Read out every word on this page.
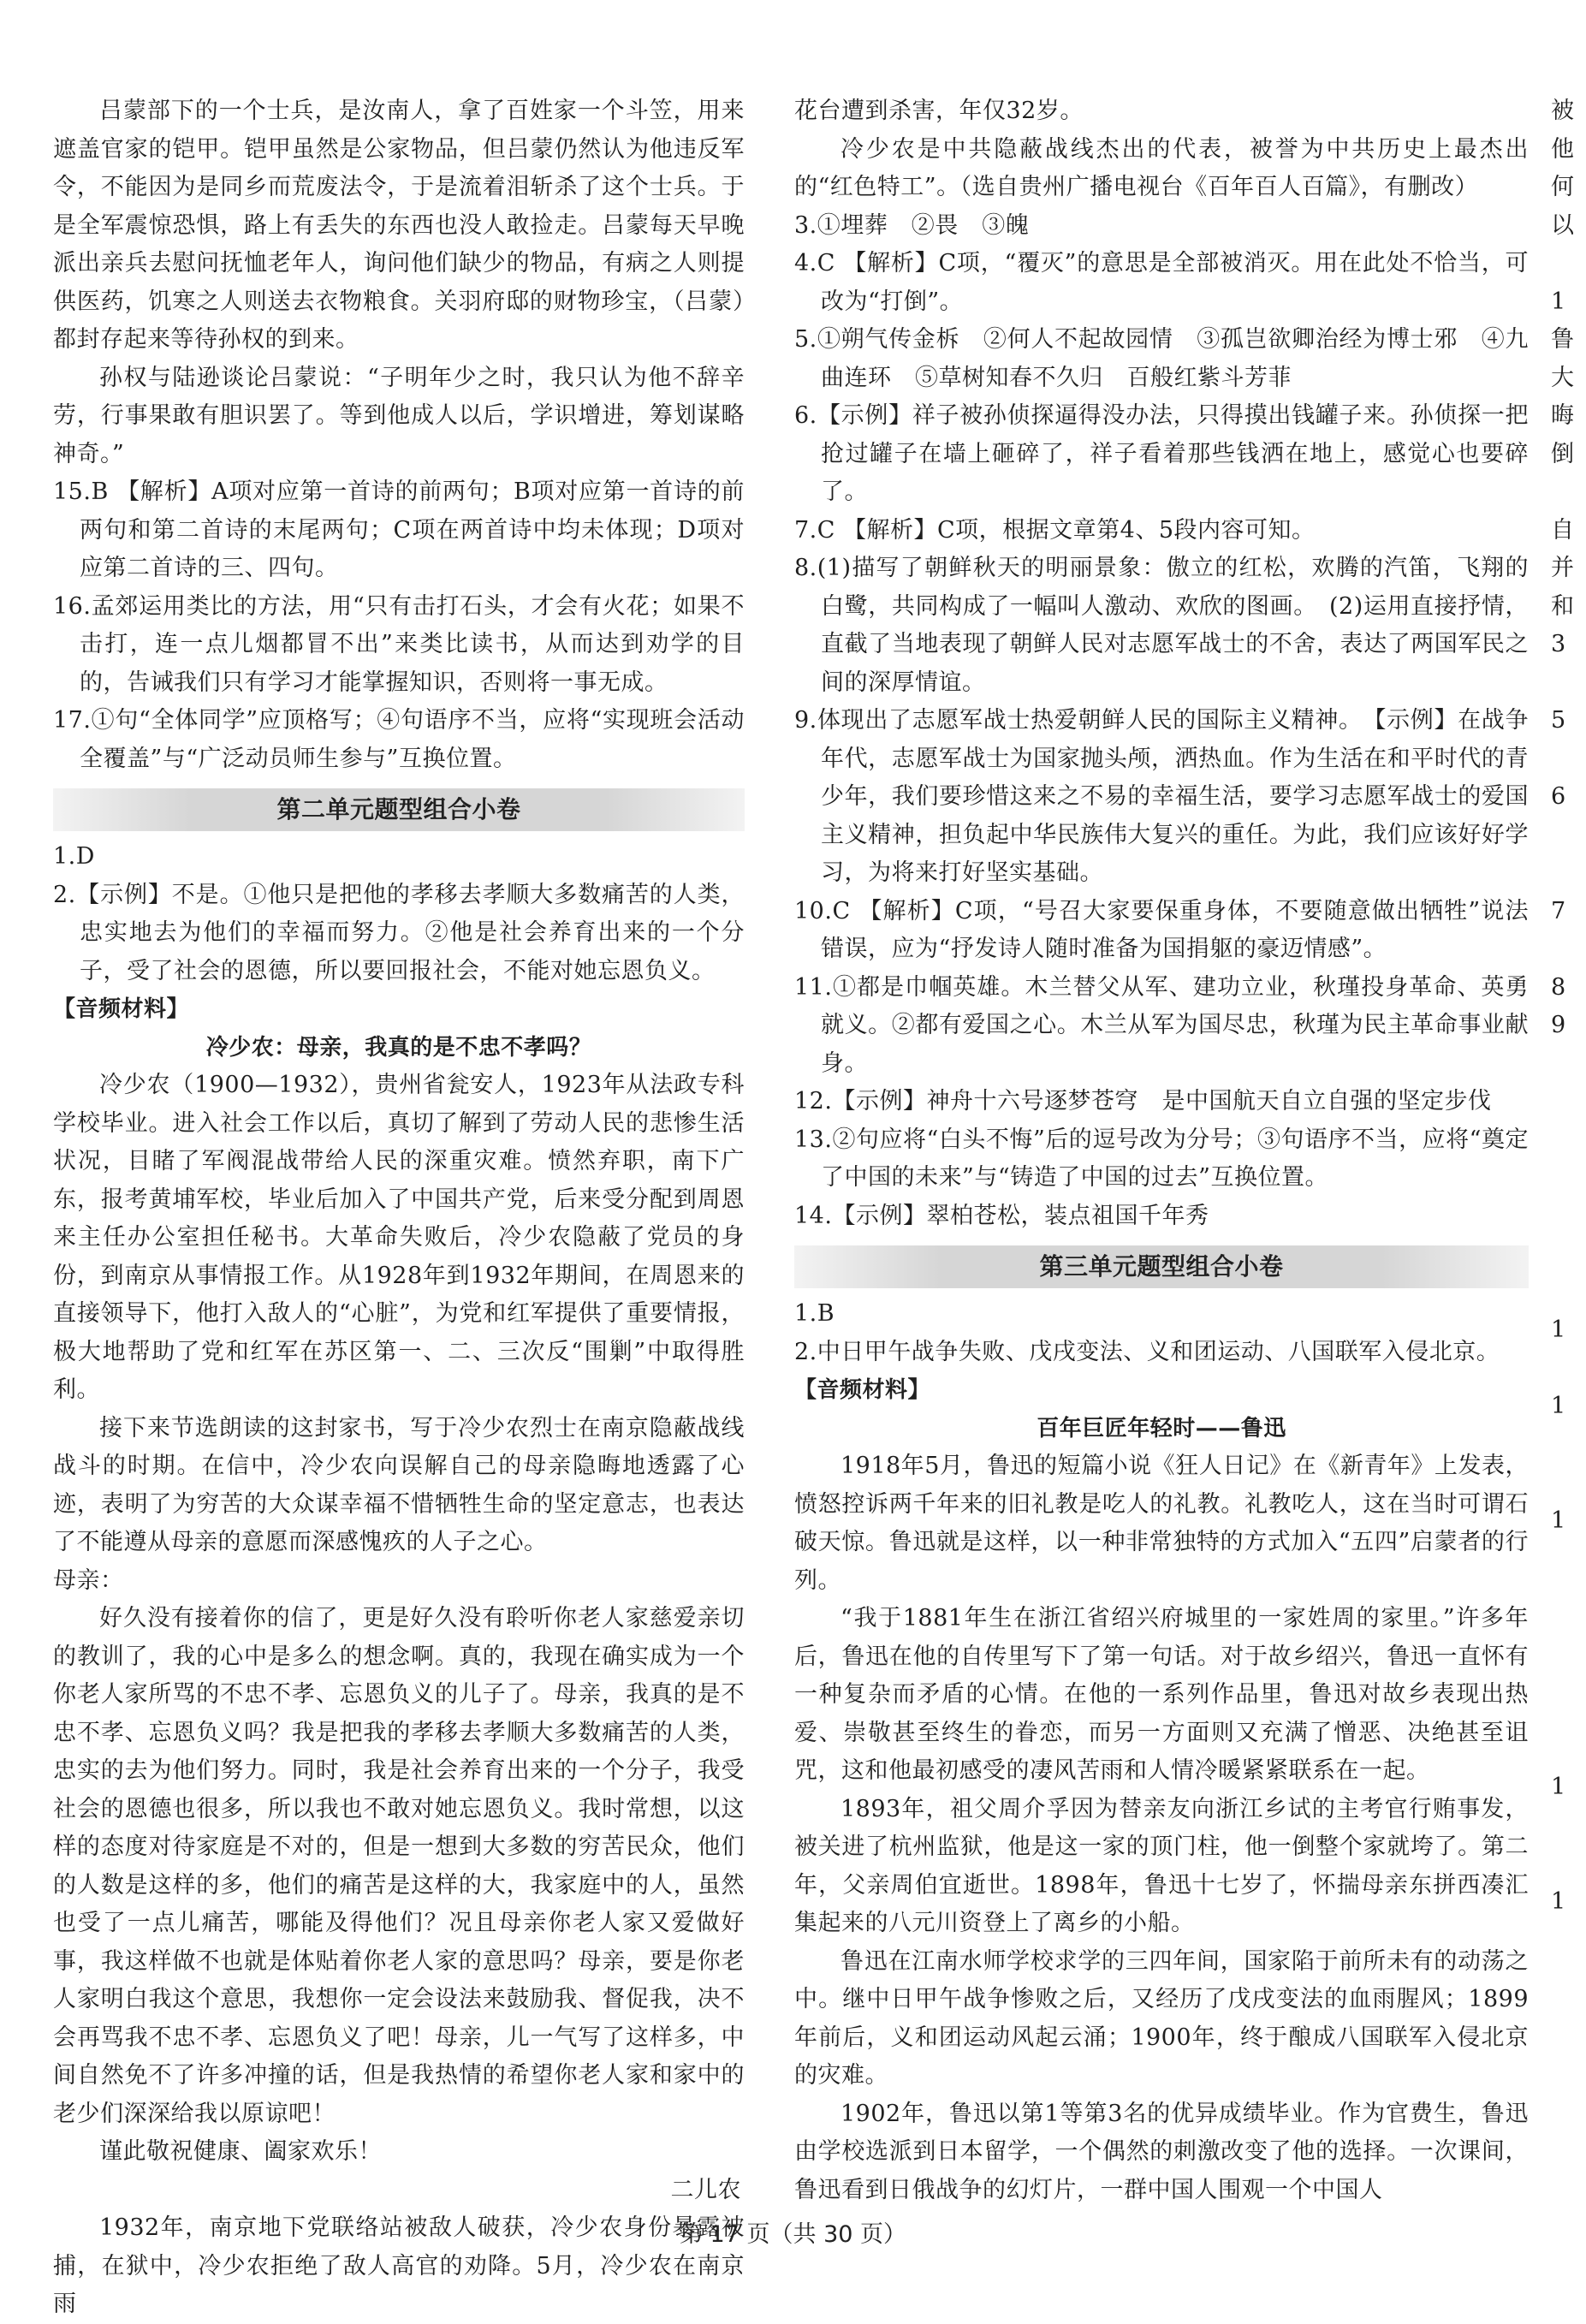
吕蒙部下的一个士兵，是汝南人，拿了百姓家一个斗笠，用来遮盖官家的铠甲。铠甲虽然是公家物品，但吕蒙仍然认为他违反军令，不能因为是同乡而荒废法令，于是流着泪斩杀了这个士兵。于是全军震惊恐惧，路上有丢失的东西也没人敢捡走。吕蒙每天早晚派出亲兵去慰问抚恤老年人，询问他们缺少的物品，有病之人则提供医药，饥寒之人则送去衣物粮食。关羽府邸的财物珍宝，（吕蒙）都封存起来等待孙权的到来。

孙权与陆逊谈论吕蒙说：“子明年少之时，我只认为他不辞辛劳，行事果敢有胆识罢了。等到他成人以后，学识增进，筹划谋略神奇。”

15.B 【解析】A项对应第一首诗的前两句；B项对应第一首诗的前两句和第二首诗的末尾两句；C项在两首诗中均未体现；D项对应第二首诗的三、四句。

16.孟郊运用类比的方法，用“只有击打石头，才会有火花；如果不击打，连一点儿烟都冒不出”来类比读书，从而达到劝学的目的，告诫我们只有学习才能掌握知识，否则将一事无成。

17.①句“全体同学”应顶格写；④句语序不当，应将“实现班会活动全覆盖”与“广泛动员师生参与”互换位置。

第二单元题型组合小卷

1.D

2.【示例】不是。①他只是把他的孝移去孝顺大多数痛苦的人类，忠实地去为他们的幸福而努力。②他是社会养育出来的一个分子，受了社会的恩德，所以要回报社会，不能对她忘恩负义。

【音频材料】

冷少农：母亲，我真的是不忠不孝吗？

冷少农（1900—1932），贵州省瓮安人，1923年从法政专科学校毕业。进入社会工作以后，真切了解到了劳动人民的悲惨生活状况，目睹了军阀混战带给人民的深重灾难。愤然弃职，南下广东，报考黄埔军校，毕业后加入了中国共产党，后来受分配到周恩来主任办公室担任秘书。大革命失败后，冷少农隐蔽了党员的身份，到南京从事情报工作。从1928年到1932年期间，在周恩来的直接领导下，他打入敌人的“心脏”，为党和红军提供了重要情报，极大地帮助了党和红军在苏区第一、二、三次反“围剿”中取得胜利。

接下来节选朗读的这封家书，写于冷少农烈士在南京隐蔽战线战斗的时期。在信中，冷少农向误解自己的母亲隐晦地透露了心迹，表明了为穷苦的大众谋幸福不惜牺牲生命的坚定意志，也表达了不能遵从母亲的意愿而深感愧疚的人子之心。

母亲：

好久没有接着你的信了，更是好久没有聆听你老人家慈爱亲切的教训了，我的心中是多么的想念啊。真的，我现在确实成为一个你老人家所骂的不忠不孝、忘恩负义的儿子了。母亲，我真的是不忠不孝、忘恩负义吗？我是把我的孝移去孝顺大多数痛苦的人类，忠实的去为他们努力。同时，我是社会养育出来的一个分子，我受社会的恩德也很多，所以我也不敢对她忘恩负义。我时常想，以这样的态度对待家庭是不对的，但是一想到大多数的穷苦民众，他们的人数是这样的多，他们的痛苦是这样的大，我家庭中的人，虽然也受了一点儿痛苦，哪能及得他们？况且母亲你老人家又爱做好事，我这样做不也就是体贴着你老人家的意思吗？母亲，要是你老人家明白我这个意思，我想你一定会设法来鼓励我、督促我，决不会再骂我不忠不孝、忘恩负义了吧！母亲，儿一气写了这样多，中间自然免不了许多冲撞的话，但是我热情的希望你老人家和家中的老少们深深给我以原谅吧！

谨此敬祝健康、阖家欢乐！

二儿农

1932年，南京地下党联络站被敌人破获，冷少农身份暴露被捕，在狱中，冷少农拒绝了敌人高官的劝降。5月，冷少农在南京雨

花台遭到杀害，年仅32岁。

冷少农是中共隐蔽战线杰出的代表，被誉为中共历史上最杰出的“红色特工”。（选自贵州广播电视台《百年百人百篇》，有删改）

3.①埋葬　②畏　③魄

4.C 【解析】C项，“覆灭”的意思是全部被消灭。用在此处不恰当，可改为“打倒”。

5.①朔气传金柝　②何人不起故园情　③孤岂欲卿治经为博士邪　④九曲连环　⑤草树知春不久归　百般红紫斗芳菲

6.【示例】祥子被孙侦探逼得没办法，只得摸出钱罐子来。孙侦探一把抢过罐子在墙上砸碎了，祥子看着那些钱洒在地上，感觉心也要碎了。

7.C 【解析】C项，根据文章第4、5段内容可知。

8.(1)描写了朝鲜秋天的明丽景象：傲立的红松，欢腾的汽笛，飞翔的白鹭，共同构成了一幅叫人激动、欢欣的图画。　(2)运用直接抒情，直截了当地表现了朝鲜人民对志愿军战士的不舍，表达了两国军民之间的深厚情谊。

9.体现出了志愿军战士热爱朝鲜人民的国际主义精神。　【示例】在战争年代，志愿军战士为国家抛头颅，洒热血。作为生活在和平时代的青少年，我们要珍惜这来之不易的幸福生活，要学习志愿军战士的爱国主义精神，担负起中华民族伟大复兴的重任。为此，我们应该好好学习，为将来打好坚实基础。

10.C 【解析】C项，“号召大家要保重身体，不要随意做出牺牲”说法错误，应为“抒发诗人随时准备为国捐躯的豪迈情感”。

11.①都是巾帼英雄。木兰替父从军、建功立业，秋瑾投身革命、英勇就义。②都有爱国之心。木兰从军为国尽忠，秋瑾为民主革命事业献身。

12.【示例】神舟十六号逐梦苍穹　是中国航天自立自强的坚定步伐

13.②句应将“白头不悔”后的逗号改为分号；③句语序不当，应将“奠定了中国的未来”与“铸造了中国的过去”互换位置。

14.【示例】翠柏苍松，装点祖国千年秀

第三单元题型组合小卷

1.B

2.中日甲午战争失败、戊戌变法、义和团运动、八国联军入侵北京。

【音频材料】

百年巨匠年轻时——鲁迅

1918年5月，鲁迅的短篇小说《狂人日记》在《新青年》上发表，愤怒控诉两千年来的旧礼教是吃人的礼教。礼教吃人，这在当时可谓石破天惊。鲁迅就是这样，以一种非常独特的方式加入“五四”启蒙者的行列。

“我于1881年生在浙江省绍兴府城里的一家姓周的家里。”许多年后，鲁迅在他的自传里写下了第一句话。对于故乡绍兴，鲁迅一直怀有一种复杂而矛盾的心情。在他的一系列作品里，鲁迅对故乡表现出热爱、崇敬甚至终生的眷恋，而另一方面则又充满了憎恶、决绝甚至诅咒，这和他最初感受的凄风苦雨和人情冷暖紧紧联系在一起。

1893年，祖父周介孚因为替亲友向浙江乡试的主考官行贿事发，被关进了杭州监狱，他是这一家的顶门柱，他一倒整个家就垮了。第二年，父亲周伯宜逝世。1898年，鲁迅十七岁了，怀揣母亲东拼西凑汇集起来的八元川资登上了离乡的小船。

鲁迅在江南水师学校求学的三四年间，国家陷于前所未有的动荡之中。继中日甲午战争惨败之后，又经历了戊戌变法的血雨腥风；1899年前后，义和团运动风起云涌；1900年，终于酿成八国联军入侵北京的灾难。

1902年，鲁迅以第1等第3名的优异成绩毕业。作为官费生，鲁迅由学校选派到日本留学，一个偶然的刺激改变了他的选择。一次课间，鲁迅看到日俄战争的幻灯片，一群中国人围观一个中国人

被

他

何

以

1

鲁

大

晦

倒

自

并

和

3

5

6

7

8

9

1

1

1

1

1

第 17 页（共 30 页）
